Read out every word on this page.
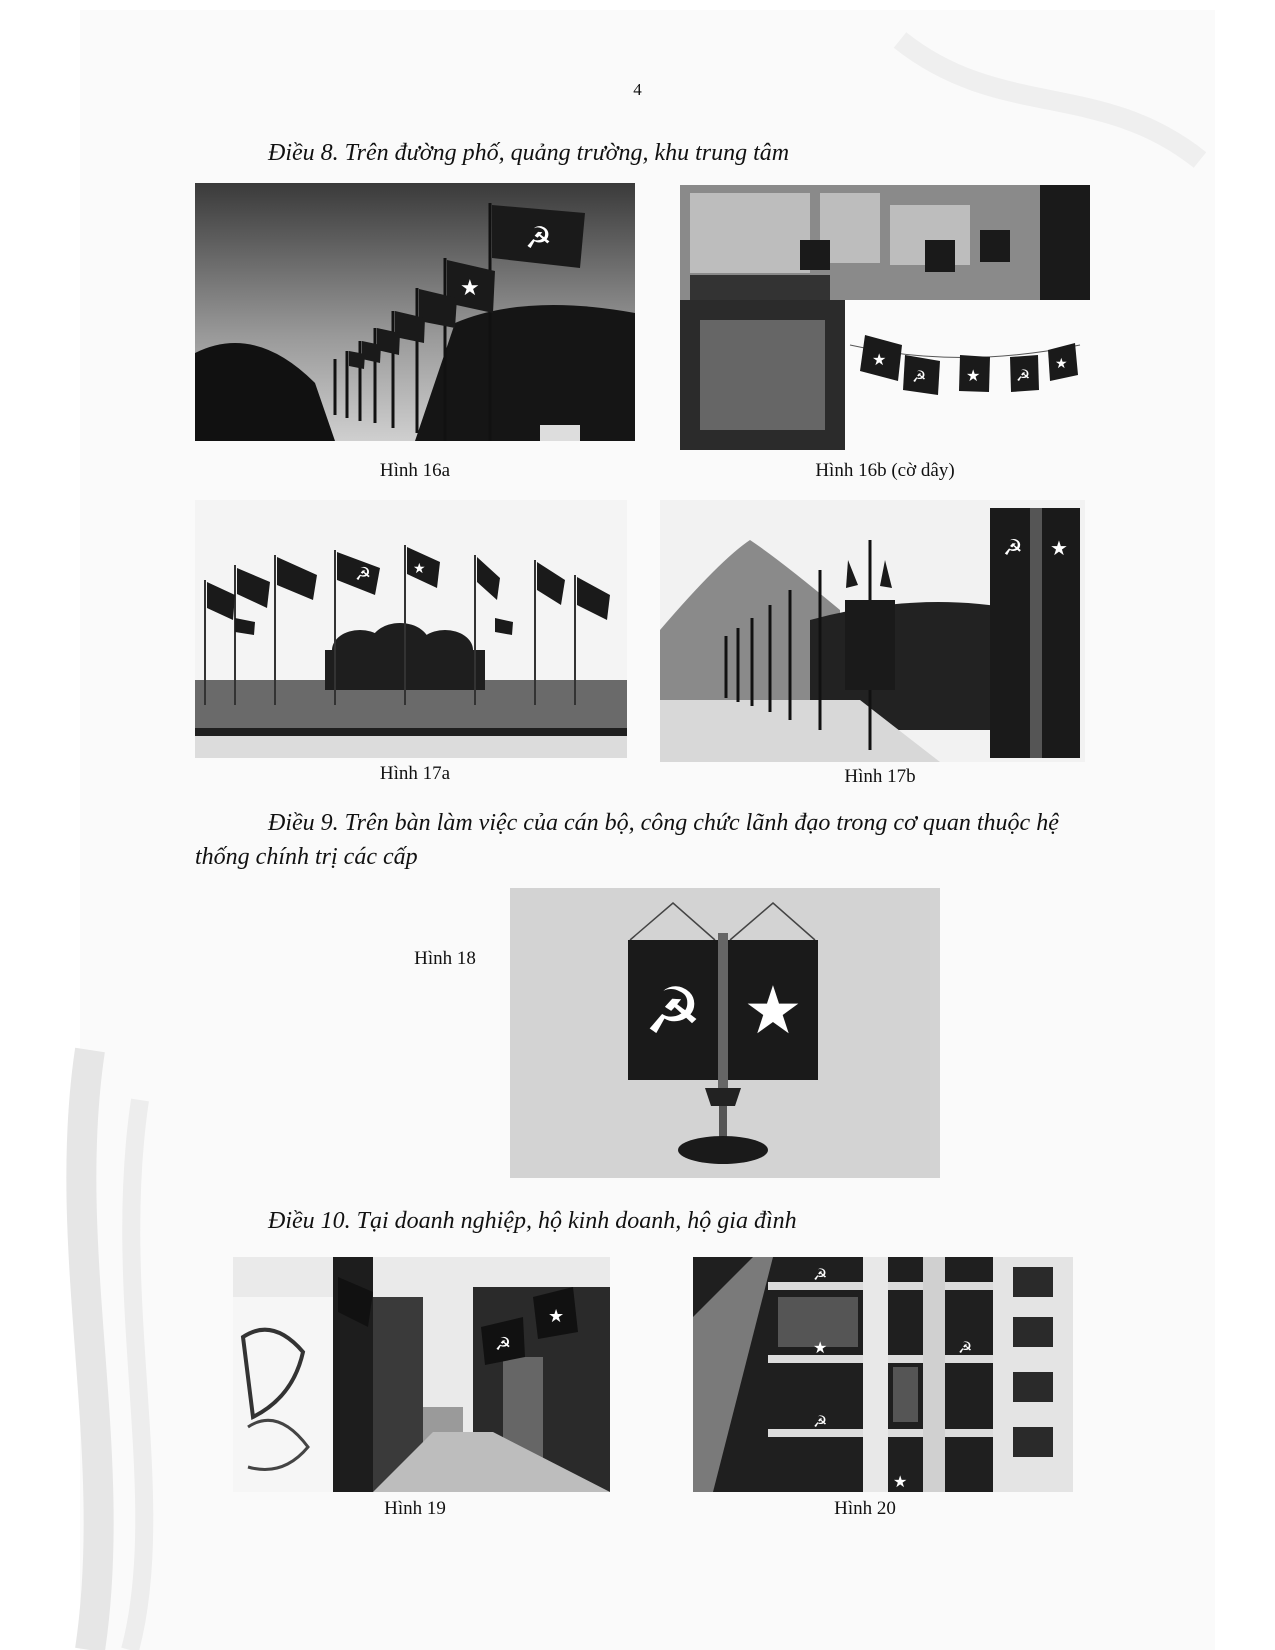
4
Điều 8. Trên đường phố, quảng trường, khu trung tâm
☭
★
Hình 16a
★
☭ ★ ☭
★
Hình 16b (cờ dây)
☭	★
Hình 17a
☭ ★
Hình 17b
Điều 9. Trên bàn làm việc của cán bộ, công chức lãnh đạo trong cơ quan thuộc hệ thống chính trị các cấp
Hình 18
☭ ★
Điều 10. Tại doanh nghiệp, hộ kinh doanh, hộ gia đình
★
☭
Hình 19
☭
★
☭
☭
★
Hình 20
